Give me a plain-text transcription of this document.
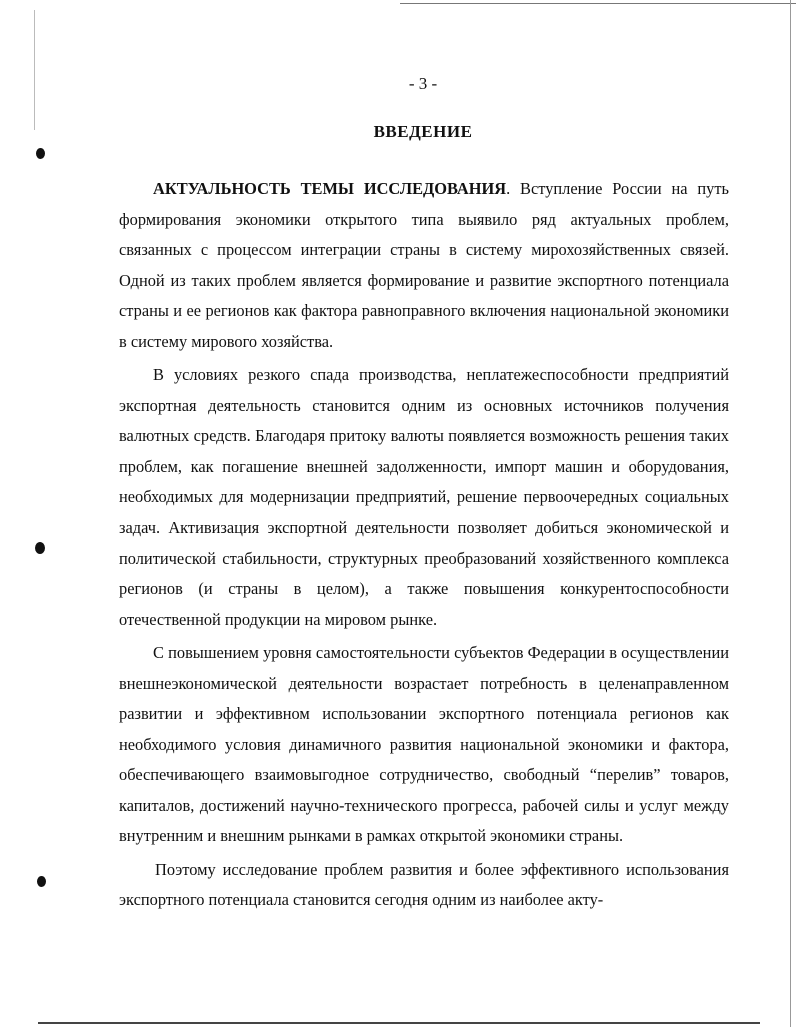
- 3 -
ВВЕДЕНИЕ

АКТУАЛЬНОСТЬ ТЕМЫ ИССЛЕДОВАНИЯ. Вступление России на путь формирования экономики открытого типа выявило ряд актуальных проблем, связанных с процессом интеграции страны в систему мирохозяйственных связей. Одной из таких проблем является формирование и развитие экспортного потенциала страны и ее регионов как фактора равноправного включения национальной экономики в систему мирового хозяйства.

В условиях резкого спада производства, неплатежеспособности предприятий экспортная деятельность становится одним из основных источников получения валютных средств. Благодаря притоку валюты появляется возможность решения таких проблем, как погашение внешней задолженности, импорт машин и оборудования, необходимых для модернизации предприятий, решение первоочередных социальных задач. Активизация экспортной деятельности позволяет добиться экономической и политической стабильности, структурных преобразований хозяйственного комплекса регионов (и страны в целом), а также повышения конкурентоспособности отечественной продукции на мировом рынке.

С повышением уровня самостоятельности субъектов Федерации в осуществлении внешнеэкономической деятельности возрастает потребность в целенаправленном развитии и эффективном использовании экспортного потенциала регионов как необходимого условия динамичного развития национальной экономики и фактора, обеспечивающего взаимовыгодное сотрудничество, свободный “перелив” товаров, капиталов, достижений научно-технического прогресса, рабочей силы и услуг между внутренним и внешним рынками в рамках открытой экономики страны.

Поэтому исследование проблем развития и более эффективного использования экспортного потенциала становится сегодня одним из наиболее акту-
